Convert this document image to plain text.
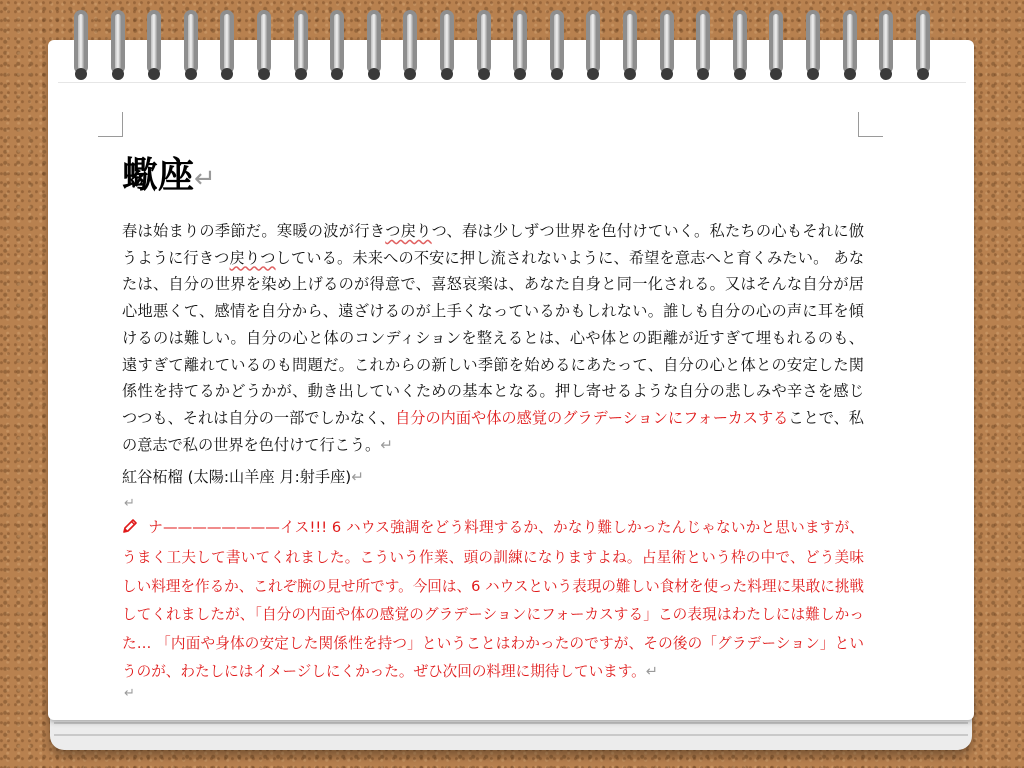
蠍座↵

春は始まりの季節だ。寒暖の波が行きつ戻りつ、春は少しずつ世界を色付けていく。私たちの心もそれに倣うように行きつ戻りつしている。未来への不安に押し流されないように、希望を意志へと育くみたい。 あなたは、自分の世界を染め上げるのが得意で、喜怒哀楽は、あなた自身と同一化される。又はそんな自分が居心地悪くて、感情を自分から、遠ざけるのが上手くなっているかもしれない。誰しも自分の心の声に耳を傾けるのは難しい。自分の心と体のコンディションを整えるとは、心や体との距離が近すぎて埋もれるのも、遠すぎて離れているのも問題だ。これからの新しい季節を始めるにあたって、自分の心と体との安定した関係性を持てるかどうかが、動き出していくための基本となる。押し寄せるような自分の悲しみや辛さを感じつつも、それは自分の一部でしかなく、自分の内面や体の感覚のグラデーションにフォーカスすることで、私の意志で私の世界を色付けて行こう。↵

紅谷柘榴 (太陽:山羊座 月:射手座)↵
↵

ナ————————イス!!! 6 ハウス強調をどう料理するか、かなり難しかったんじゃないかと思いますが、うまく工夫して書いてくれました。こういう作業、頭の訓練になりますよね。占星術という枠の中で、どう美味しい料理を作るか、これぞ腕の見せ所です。今回は、6 ハウスという表現の難しい食材を使った料理に果敢に挑戦してくれましたが、「自分の内面や体の感覚のグラデーションにフォーカスする」この表現はわたしには難しかった… 「内面や身体の安定した関係性を持つ」ということはわかったのですが、その後の「グラデーション」というのが、わたしにはイメージしにくかった。ぜひ次回の料理に期待しています。↵

↵
